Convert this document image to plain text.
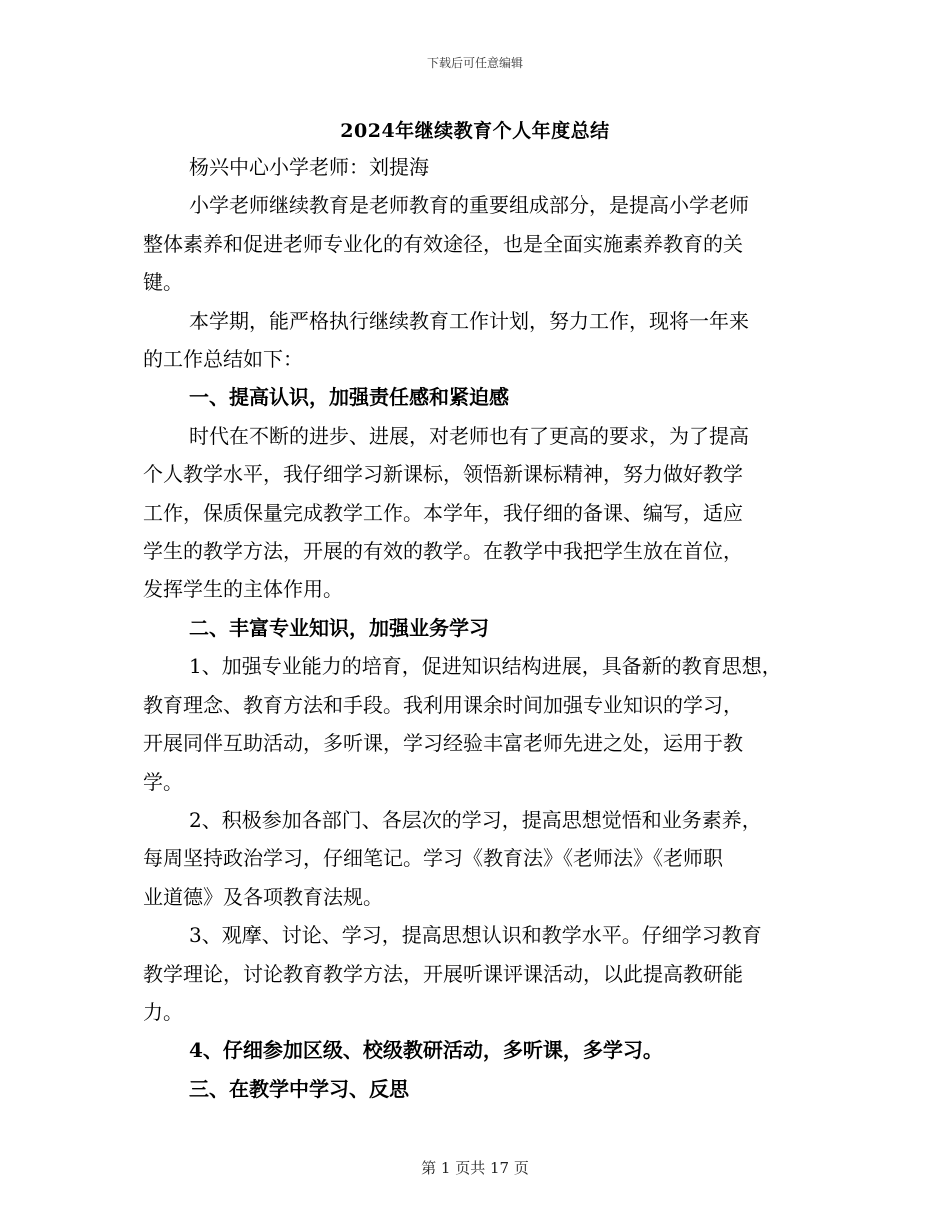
下载后可任意编辑
2024年继续教育个人年度总结

杨兴中心小学老师：刘提海

小学老师继续教育是老师教育的重要组成部分，是提高小学老师
整体素养和促进老师专业化的有效途径，也是全面实施素养教育的关
键。

本学期，能严格执行继续教育工作计划，努力工作，现将一年来
的工作总结如下：

一、提高认识，加强责任感和紧迫感

时代在不断的进步、进展，对老师也有了更高的要求，为了提高
个人教学水平，我仔细学习新课标，领悟新课标精神，努力做好教学
工作，保质保量完成教学工作。本学年，我仔细的备课、编写，适应
学生的教学方法，开展的有效的教学。在教学中我把学生放在首位，
发挥学生的主体作用。

二、丰富专业知识，加强业务学习

1、加强专业能力的培育，促进知识结构进展，具备新的教育思想，
教育理念、教育方法和手段。我利用课余时间加强专业知识的学习，
开展同伴互助活动，多听课，学习经验丰富老师先进之处，运用于教
学。

2、积极参加各部门、各层次的学习，提高思想觉悟和业务素养，
每周坚持政治学习，仔细笔记。学习《教育法》《老师法》《老师职
业道德》及各项教育法规。

3、观摩、讨论、学习，提高思想认识和教学水平。仔细学习教育
教学理论，讨论教育教学方法，开展听课评课活动，以此提高教研能
力。

4、仔细参加区级、校级教研活动，多听课，多学习。

三、在教学中学习、反思

第 1 页共 17 页
